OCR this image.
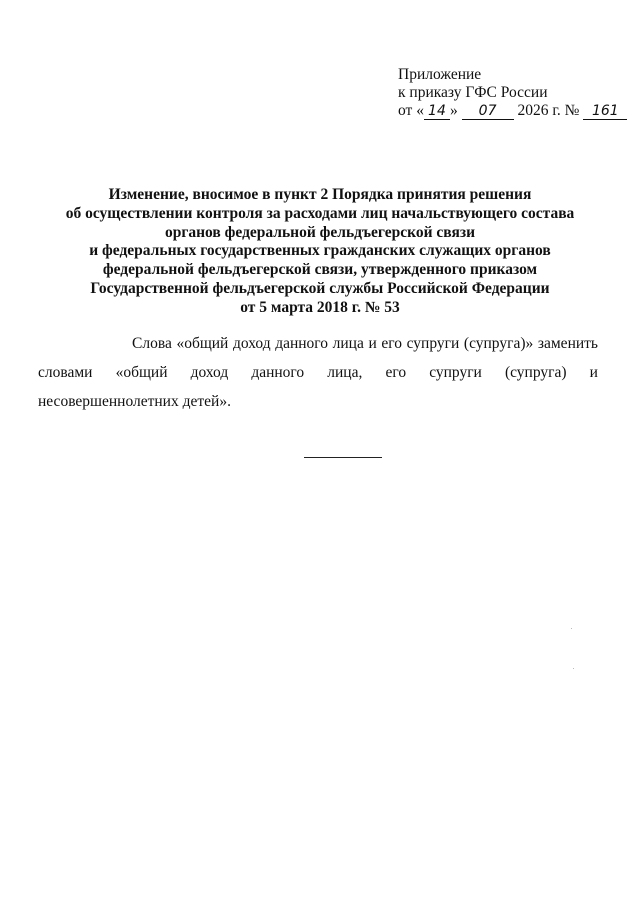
Приложение
к приказу ГФС России
от « 14 » 07 2026 г. № 161
Изменение, вносимое в пункт 2 Порядка принятия решения
об осуществлении контроля за расходами лиц начальствующего состава
органов федеральной фельдъегерской связи
и федеральных государственных гражданских служащих органов
федеральной фельдъегерской связи, утвержденного приказом
Государственной фельдъегерской службы Российской Федерации
от 5 марта 2018 г. № 53
Слова «общий доход данного лица и его супруги (супруга)» заменить
словами «общий доход данного лица, его супруги (супруга) и
несовершеннолетних детей».
